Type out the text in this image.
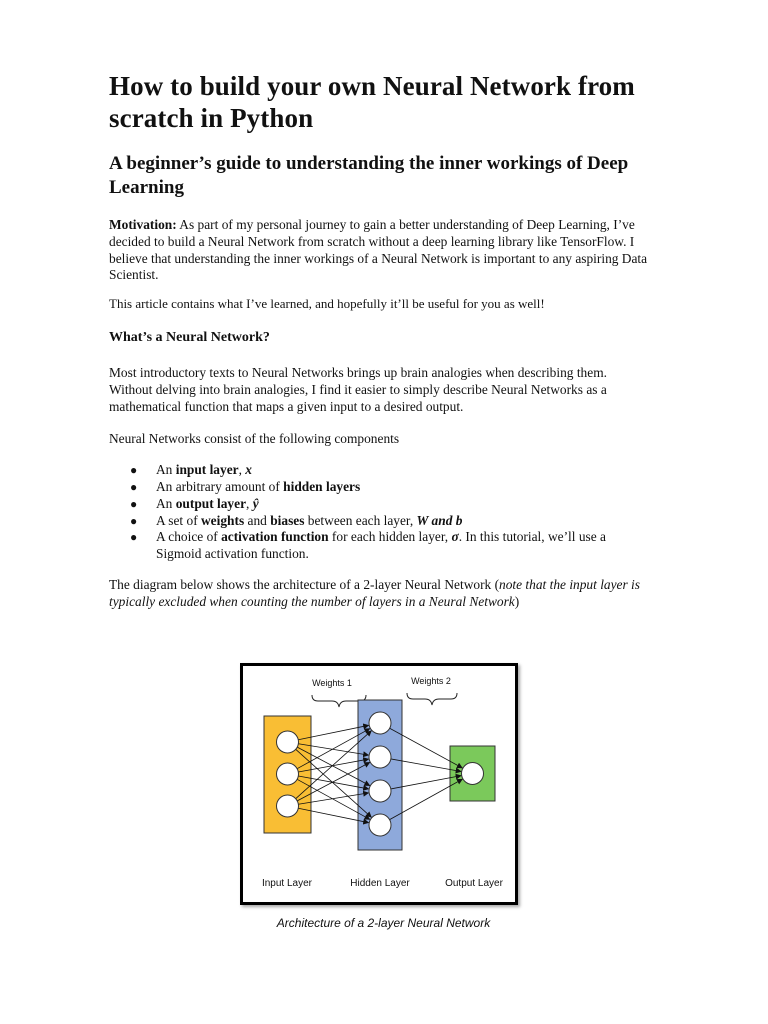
How to build your own Neural Network from scratch in Python
A beginner’s guide to understanding the inner workings of Deep Learning

Motivation: As part of my personal journey to gain a better understanding of Deep Learning, I’ve decided to build a Neural Network from scratch without a deep learning library like TensorFlow. I believe that understanding the inner workings of a Neural Network is important to any aspiring Data Scientist.

This article contains what I’ve learned, and hopefully it’ll be useful for you as well!

What’s a Neural Network?

Most introductory texts to Neural Networks brings up brain analogies when describing them. Without delving into brain analogies, I find it easier to simply describe Neural Networks as a mathematical function that maps a given input to a desired output.

Neural Networks consist of the following components

● An input layer, x
● An arbitrary amount of hidden layers
● An output layer, ŷ
● A set of weights and biases between each layer, W and b
● A choice of activation function for each hidden layer, σ. In this tutorial, we’ll use a Sigmoid activation function.

The diagram below shows the architecture of a 2-layer Neural Network (note that the input layer is typically excluded when counting the number of layers in a Neural Network)

Weights 1	Weights 2
Input Layer	Hidden Layer	Output Layer
Architecture of a 2-layer Neural Network
